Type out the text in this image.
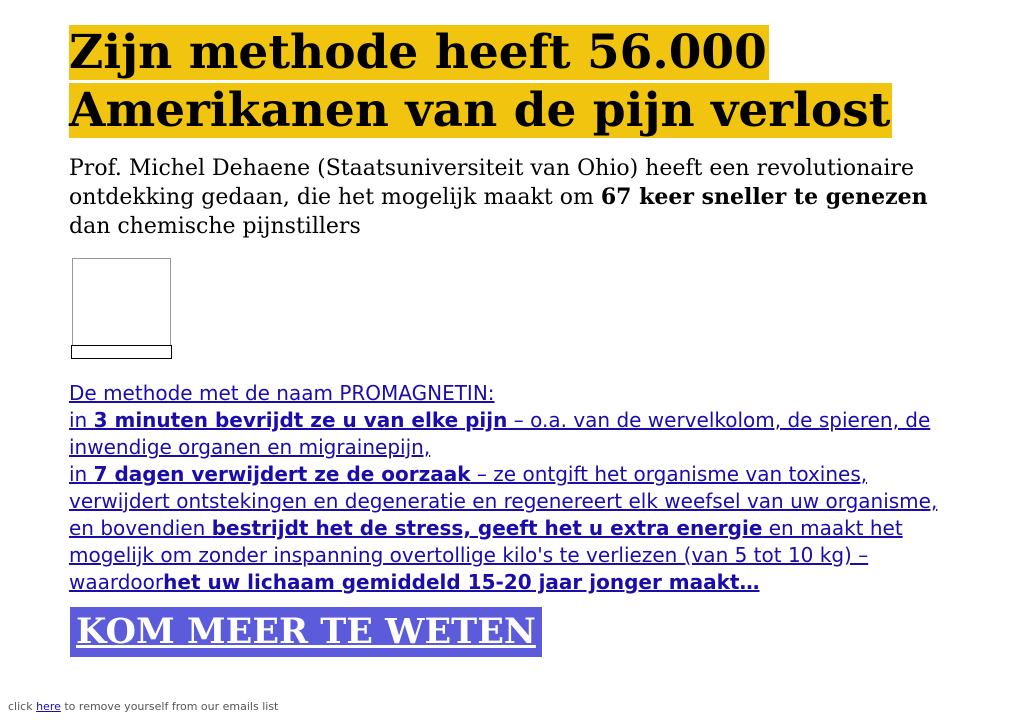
Zijn methode heeft 56.000
Amerikanen van de pijn verlost

Prof. Michel Dehaene (Staatsuniversiteit van Ohio) heeft een revolutionaire ontdekking gedaan, die het mogelijk maakt om 67 keer sneller te genezen dan chemische pijnstillers

De methode met de naam PROMAGNETIN:
in 3 minuten bevrijdt ze u van elke pijn – o.a. van de wervelkolom, de spieren, de inwendige organen en migrainepijn,
in 7 dagen verwijdert ze de oorzaak – ze ontgift het organisme van toxines, verwijdert ontstekingen en degeneratie en regenereert elk weefsel van uw organisme,
en bovendien bestrijdt het de stress, geeft het u extra energie en maakt het mogelijk om zonder inspanning overtollige kilo's te verliezen (van 5 tot 10 kg) – waardoorhet uw lichaam gemiddeld 15-20 jaar jonger maakt…
KOM MEER TE WETEN
click here to remove yourself from our emails list
